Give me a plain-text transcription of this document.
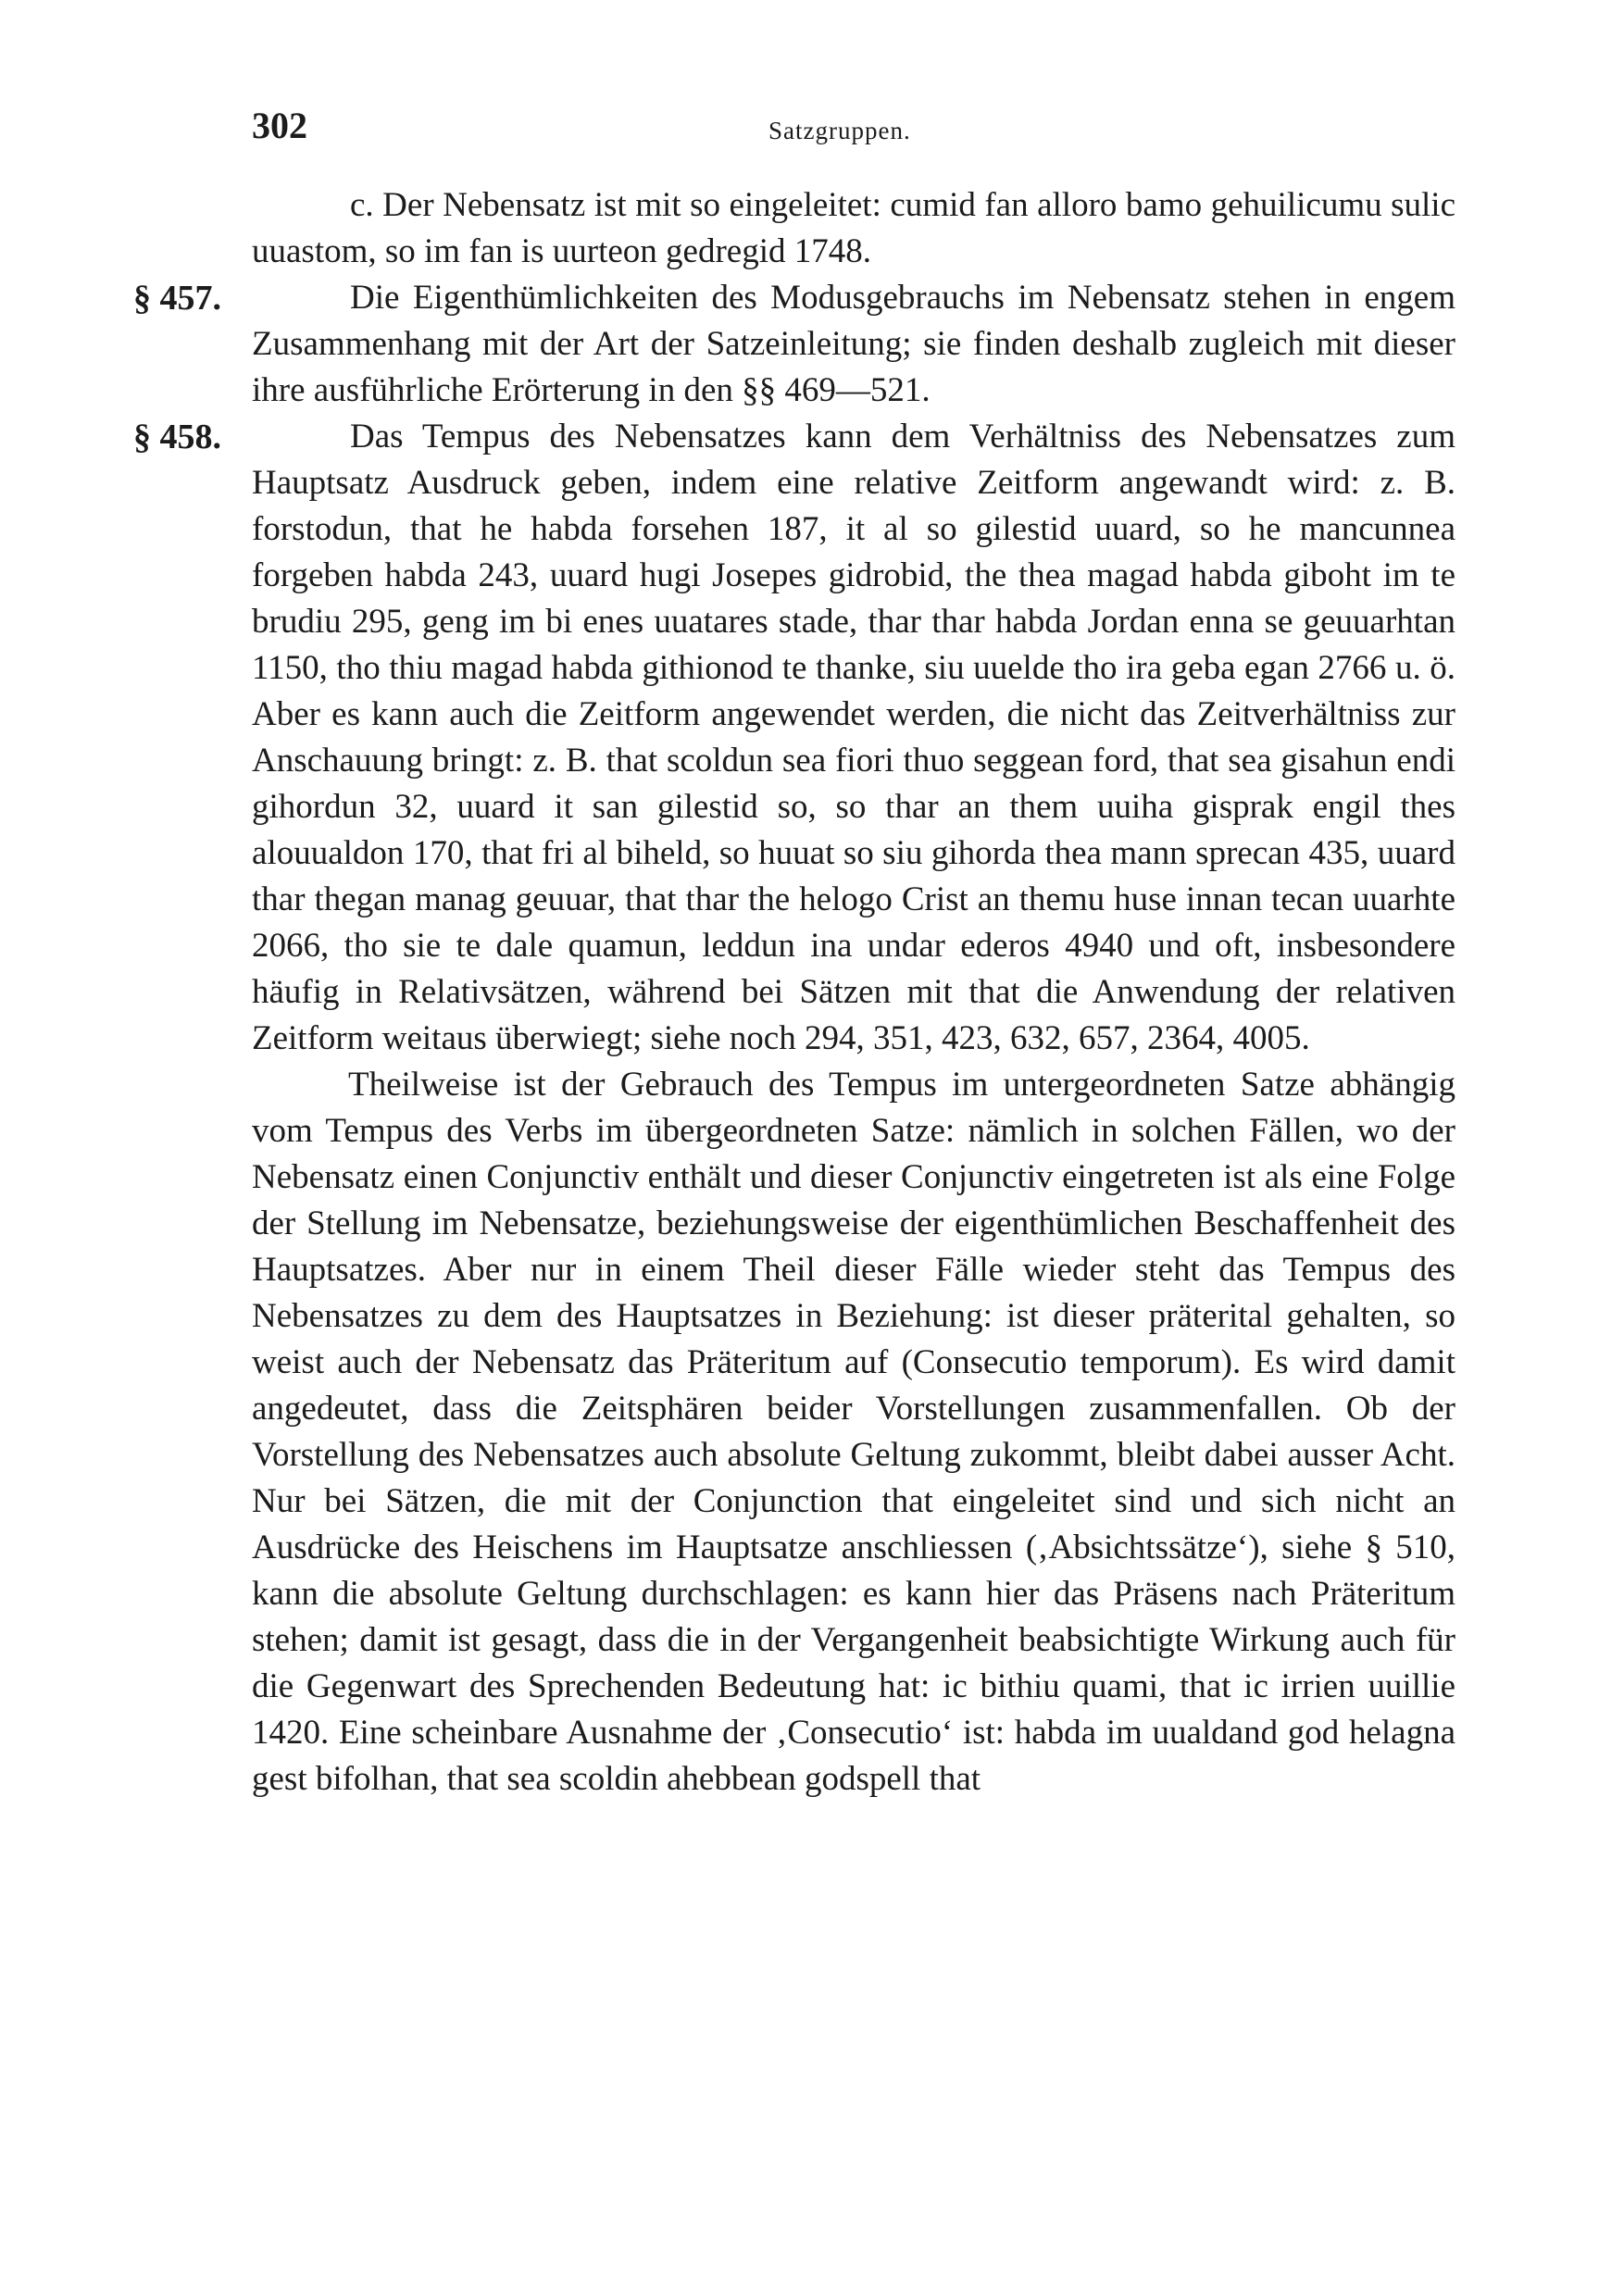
302	Satzgruppen.

c. Der Nebensatz ist mit so eingeleitet: cumid fan alloro bamo gehuilicumu sulic uuastom, so im fan is uurteon gedregid 1748.

§ 457.	Die Eigenthümlichkeiten des Modusgebrauchs im Nebensatz stehen in engem Zusammenhang mit der Art der Satzeinleitung; sie finden deshalb zugleich mit dieser ihre ausführliche Erörterung in den §§ 469—521.

§ 458.	Das Tempus des Nebensatzes kann dem Verhältniss des Nebensatzes zum Hauptsatz Ausdruck geben, indem eine relative Zeitform angewandt wird: z. B. forstodun, that he habda forsehen 187, it al so gilestid uuard, so he mancunnea forgeben habda 243, uuard hugi Josepes gidrobid, the thea magad habda giboht im te brudiu 295, geng im bi enes uuatares stade, thar thar habda Jordan enna se geuuarhtan 1150, tho thiu magad habda githionod te thanke, siu uuelde tho ira geba egan 2766 u. ö. Aber es kann auch die Zeitform angewendet werden, die nicht das Zeitverhältniss zur Anschauung bringt: z. B. that scoldun sea fiori thuo seggean ford, that sea gisahun endi gihordun 32, uuard it san gilestid so, so thar an them uuiha gisprak engil thes alouualdon 170, that fri al biheld, so huuat so siu gihorda thea mann sprecan 435, uuard thar thegan manag geuuar, that thar the helogo Crist an themu huse innan tecan uuarhte 2066, tho sie te dale quamun, leddun ina undar ederos 4940 und oft, insbesondere häufig in Relativsätzen, während bei Sätzen mit that die Anwendung der relativen Zeitform weitaus überwiegt; siehe noch 294, 351, 423, 632, 657, 2364, 4005.

Theilweise ist der Gebrauch des Tempus im untergeordneten Satze abhängig vom Tempus des Verbs im übergeordneten Satze: nämlich in solchen Fällen, wo der Nebensatz einen Conjunctiv enthält und dieser Conjunctiv eingetreten ist als eine Folge der Stellung im Nebensatze, beziehungsweise der eigenthümlichen Beschaffenheit des Hauptsatzes. Aber nur in einem Theil dieser Fälle wieder steht das Tempus des Nebensatzes zu dem des Hauptsatzes in Beziehung: ist dieser präterital gehalten, so weist auch der Nebensatz das Präteritum auf (Consecutio temporum). Es wird damit angedeutet, dass die Zeitsphären beider Vorstellungen zusammenfallen. Ob der Vorstellung des Nebensatzes auch absolute Geltung zukommt, bleibt dabei ausser Acht. Nur bei Sätzen, die mit der Conjunction that eingeleitet sind und sich nicht an Ausdrücke des Heischens im Hauptsatze anschliessen (‚Absichtssätze‘), siehe § 510, kann die absolute Geltung durchschlagen: es kann hier das Präsens nach Präteritum stehen; damit ist gesagt, dass die in der Vergangenheit beabsichtigte Wirkung auch für die Gegenwart des Sprechenden Bedeutung hat: ic bithiu quami, that ic irrien uuillie 1420. Eine scheinbare Ausnahme der ‚Consecutio‘ ist: habda im uualdand god helagna gest bifolhan, that sea scoldin ahebbean godspell that
